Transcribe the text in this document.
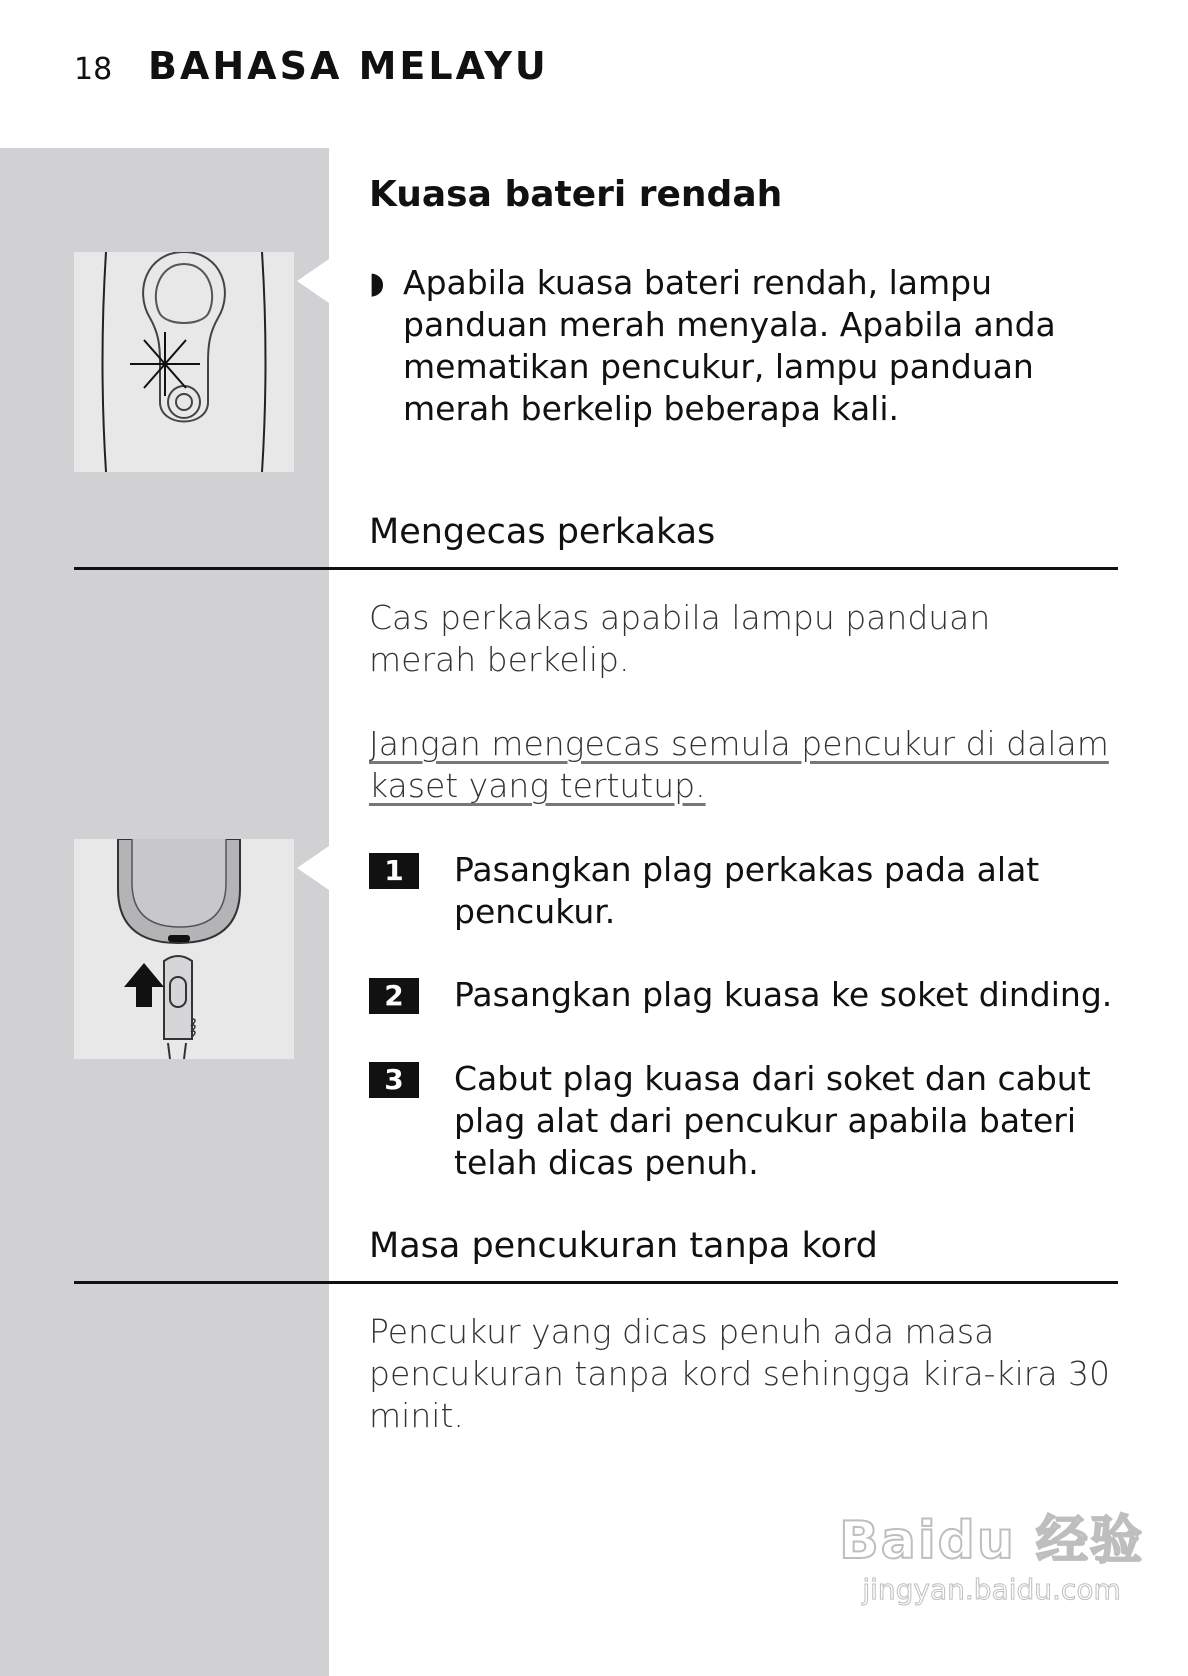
18 BAHASA MELAYU
Kuasa bateri rendah
◗ Apabila kuasa bateri rendah, lampu panduan merah menyala. Apabila anda mematikan pencukur, lampu panduan merah berkelip beberapa kali.
Mengecas perkakas
Cas perkakas apabila lampu panduan merah berkelip.
Jangan mengecas semula pencukur di dalam kaset yang tertutup.
1	Pasangkan plag perkakas pada alat pencukur.
2	Pasangkan plag kuasa ke soket dinding.
3	Cabut plag kuasa dari soket dan cabut plag alat dari pencukur apabila bateri telah dicas penuh.
Masa pencukuran tanpa kord
Pencukur yang dicas penuh ada masa pencukuran tanpa kord sehingga kira-kira 30 minit.
Baidu 经验
jingyan.baidu.com
